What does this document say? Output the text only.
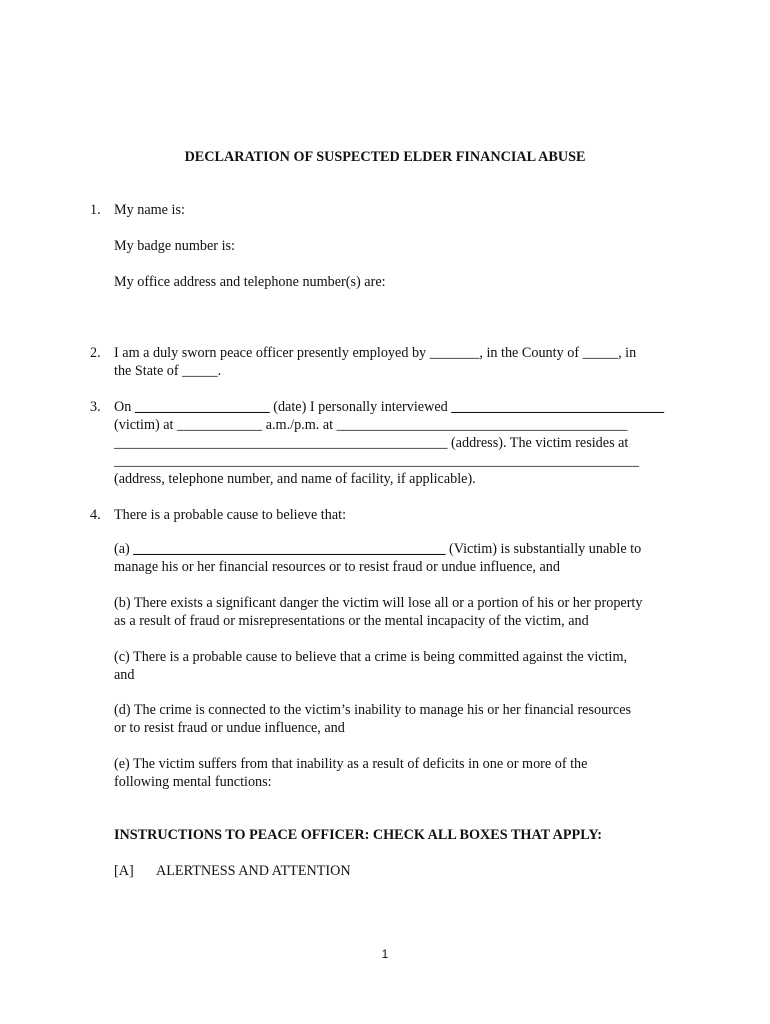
DECLARATION OF SUSPECTED ELDER FINANCIAL ABUSE
1. My name is:
My badge number is:
My office address and telephone number(s) are:
2. I am a duly sworn peace officer presently employed by _______, in the County of _____, in
the State of _____.
3. On ___________________ (date) I personally interviewed ______________________________
(victim) at ____________ a.m./p.m. at _________________________________________
_______________________________________________ (address). The victim resides at
__________________________________________________________________________
(address, telephone number, and name of facility, if applicable).
4. There is a probable cause to believe that:
(a) ____________________________________________ (Victim) is substantially unable to
manage his or her financial resources or to resist fraud or undue influence, and
(b) There exists a significant danger the victim will lose all or a portion of his or her property
as a result of fraud or misrepresentations or the mental incapacity of the victim, and
(c) There is a probable cause to believe that a crime is being committed against the victim,
and
(d) The crime is connected to the victim’s inability to manage his or her financial resources
or to resist fraud or undue influence, and
(e) The victim suffers from that inability as a result of deficits in one or more of the
following mental functions:
INSTRUCTIONS TO PEACE OFFICER: CHECK ALL BOXES THAT APPLY:
[A] ALERTNESS AND ATTENTION
1
